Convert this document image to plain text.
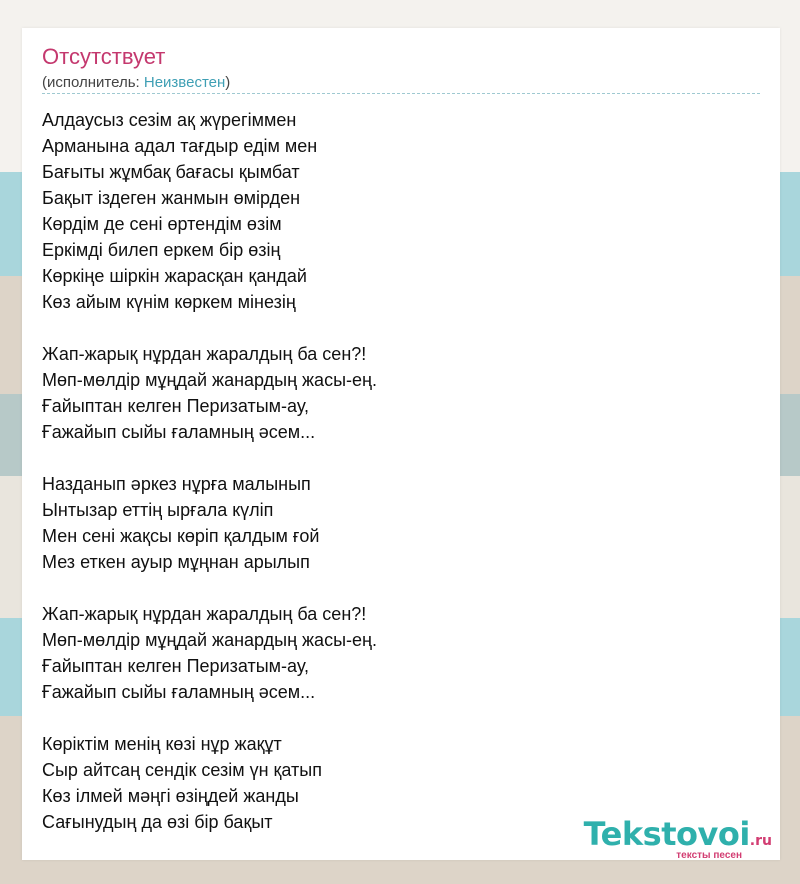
Отсутствует
(исполнитель: Неизвестен)
Алдаусыз сезім ақ жүрегіммен
Арманына адал тағдыр едім мен
Бағыты жұмбақ бағасы қымбат
Бақыт іздеген жанмын өмірден
Көрдім де сені өртендім өзім
Еркімді билеп еркем бір өзің
Көркіңе шіркін жарасқан қандай
Көз айым күнім көркем мінезің
Жап-жарық нұрдан жаралдың ба сен?!
Мөп-мөлдір мұңдай жанардың жасы-ең.
Ғайыптан келген Перизатым-ау,
Ғажайып сыйы ғаламның әсем...
Назданып әркез нұрға малынып
Ынтызар еттің ырғала күліп
Мен сені жақсы көріп қалдым ғой
Мез еткен ауыр мұңнан арылып
Жап-жарық нұрдан жаралдың ба сен?!
Мөп-мөлдір мұңдай жанардың жасы-ең.
Ғайыптан келген Перизатым-ау,
Ғажайып сыйы ғаламның әсем...
Көріктім менің көзі нұр жақұт
Сыр айтсаң сендік сезім үн қатып
Көз ілмей мәңгі өзіңдей жанды
Сағынудың да өзі бір бақыт	Tekstovoi.ru
тексты песен
